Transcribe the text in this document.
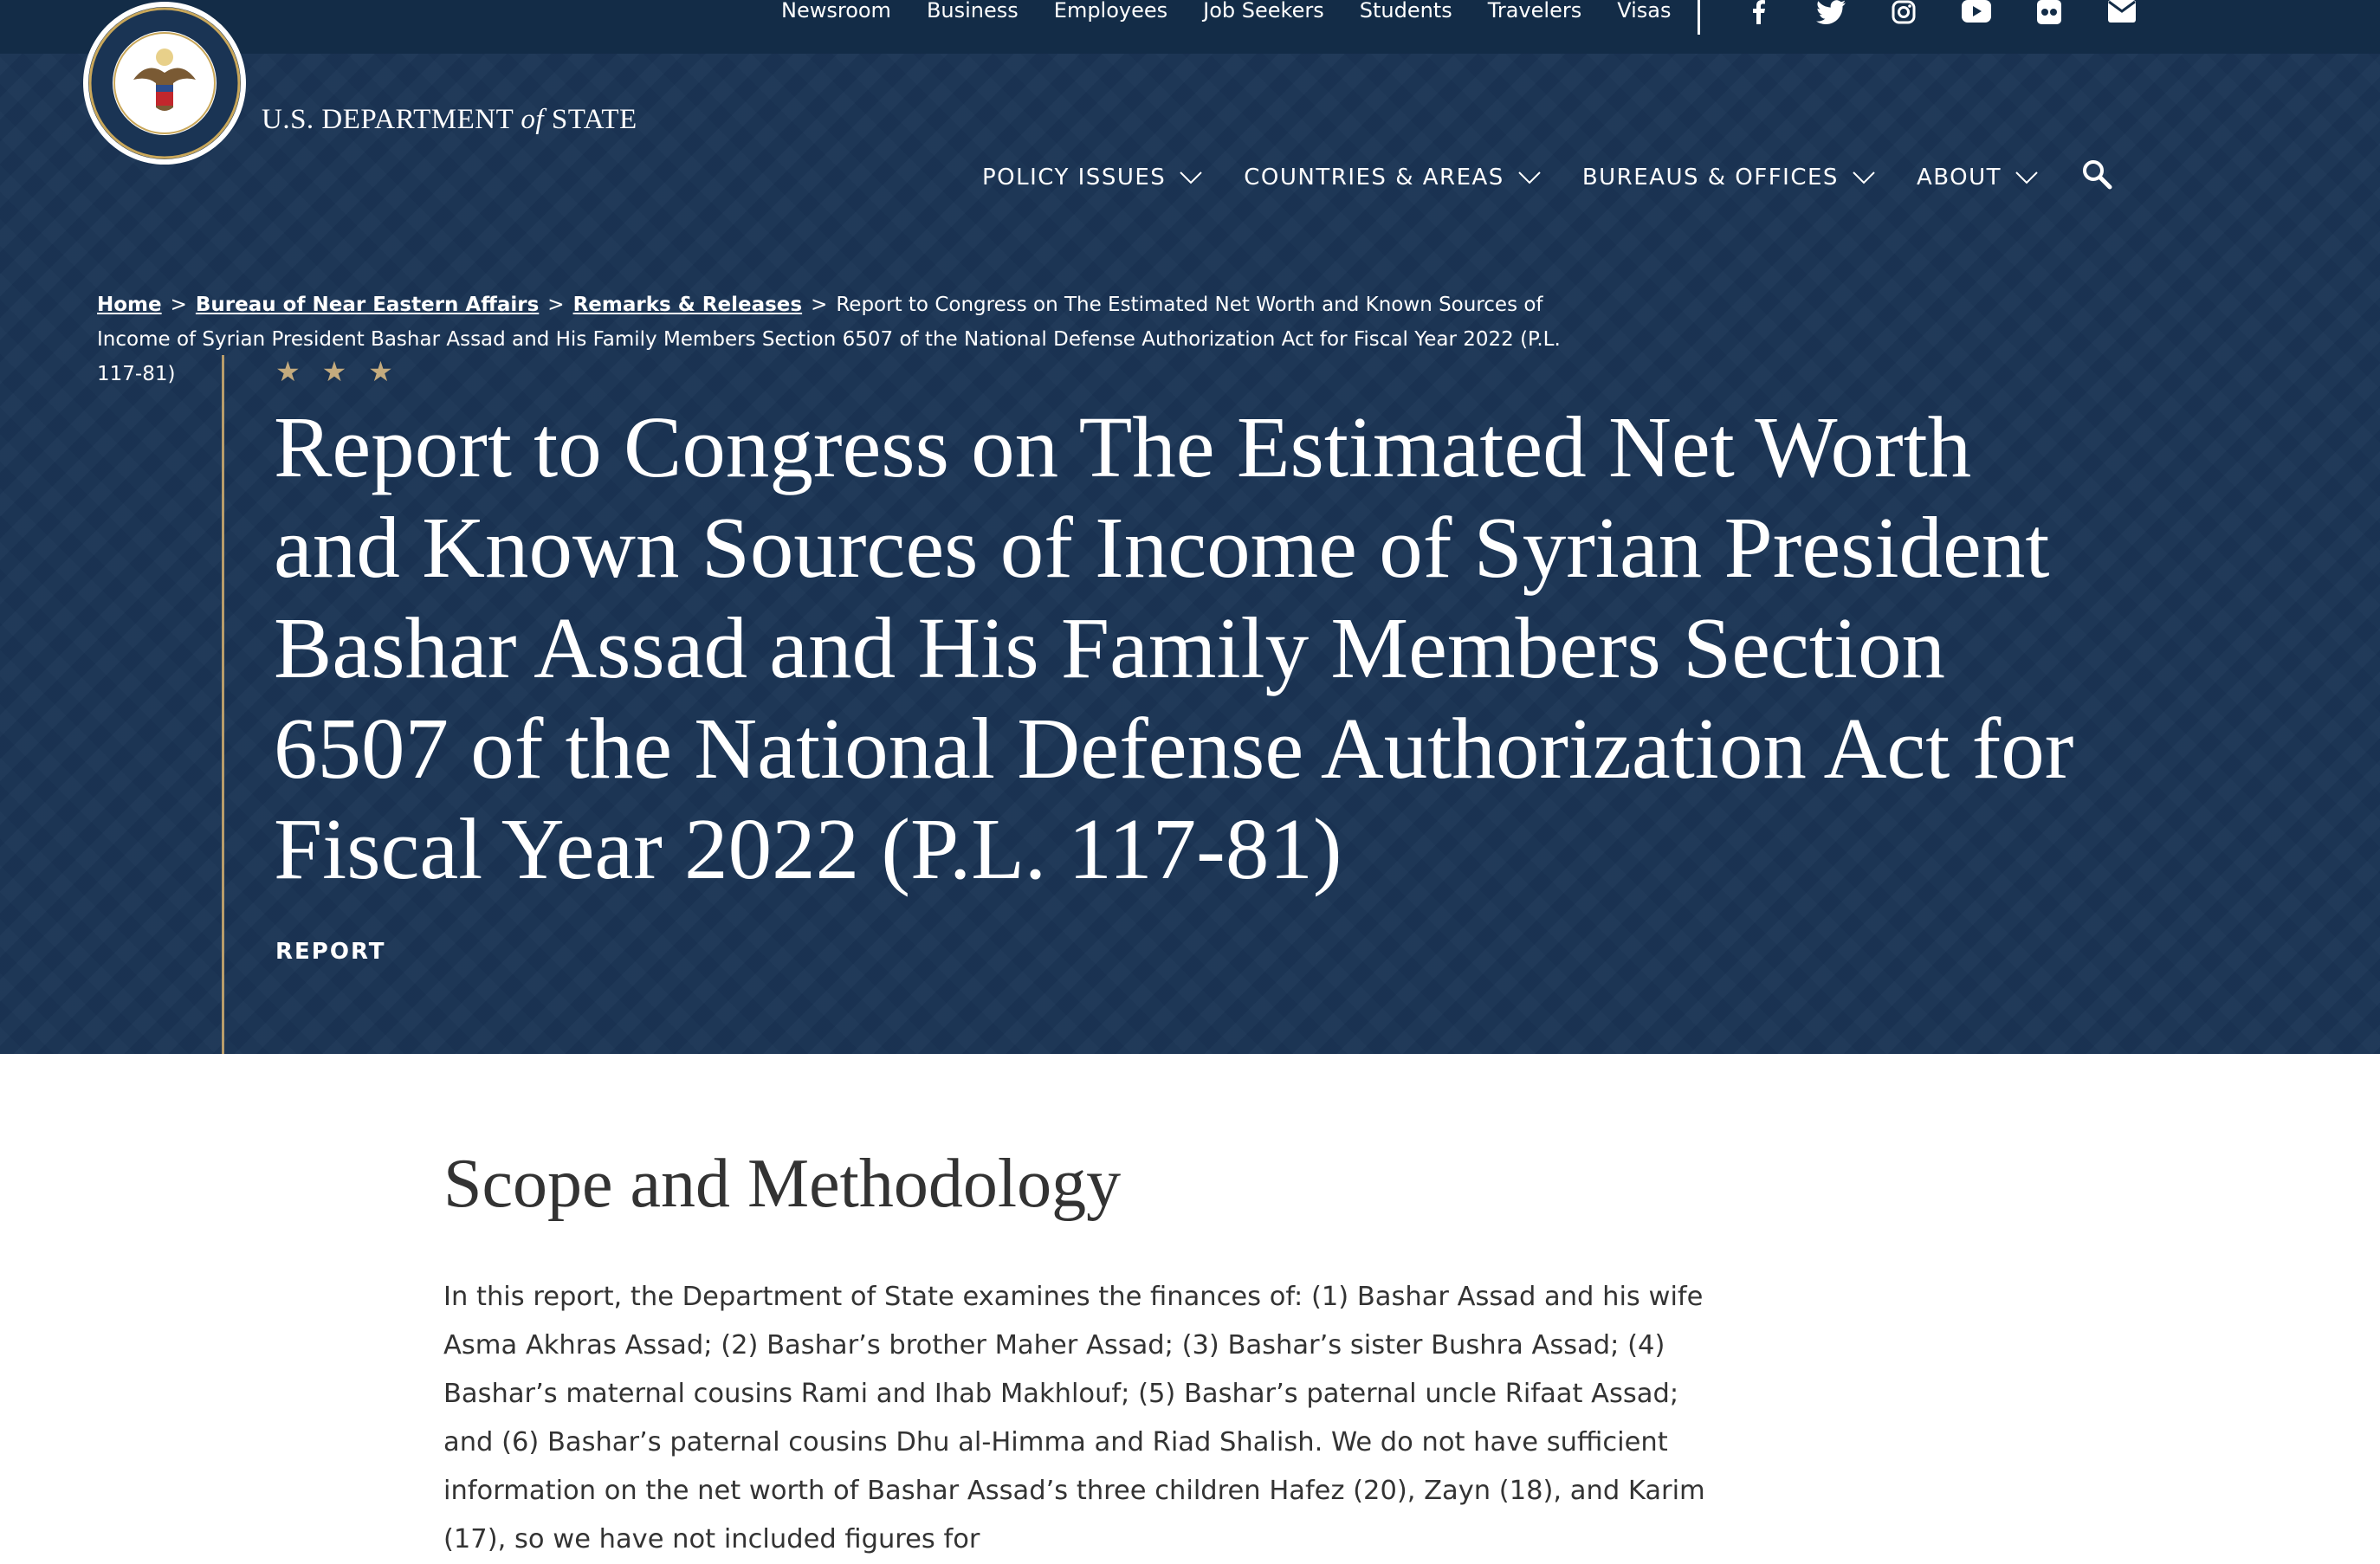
Newsroom Business Employees Job Seekers Students Travelers Visas
POLICY ISSUES	COUNTRIES & AREAS	BUREAUS & OFFICES	ABOUT
Home > Bureau of Near Eastern Affairs > Remarks & Releases > Report to Congress on The Estimated Net Worth and Known Sources of Income of Syrian President Bashar Assad and His Family Members Section 6507 of the National Defense Authorization Act for Fiscal Year 2022 (P.L. 117-81)
U.S. DEPARTMENT of STATE
★ ★ ★
Report to Congress on The Estimated Net Worth and Known Sources of Income of Syrian President Bashar Assad and His Family Members Section 6507 of the National Defense Authorization Act for Fiscal Year 2022 (P.L. 117-81)
REPORT
Scope and Methodology

In this report, the Department of State examines the finances of: (1) Bashar Assad and his wife Asma Akhras Assad; (2) Bashar’s brother Maher Assad; (3) Bashar’s sister Bushra Assad; (4) Bashar’s maternal cousins Rami and Ihab Makhlouf; (5) Bashar’s paternal uncle Rifaat Assad; and (6) Bashar’s paternal cousins Dhu al-Himma and Riad Shalish. We do not have sufficient information on the net worth of Bashar Assad’s three children Hafez (20), Zayn (18), and Karim (17), so we have not included figures for
